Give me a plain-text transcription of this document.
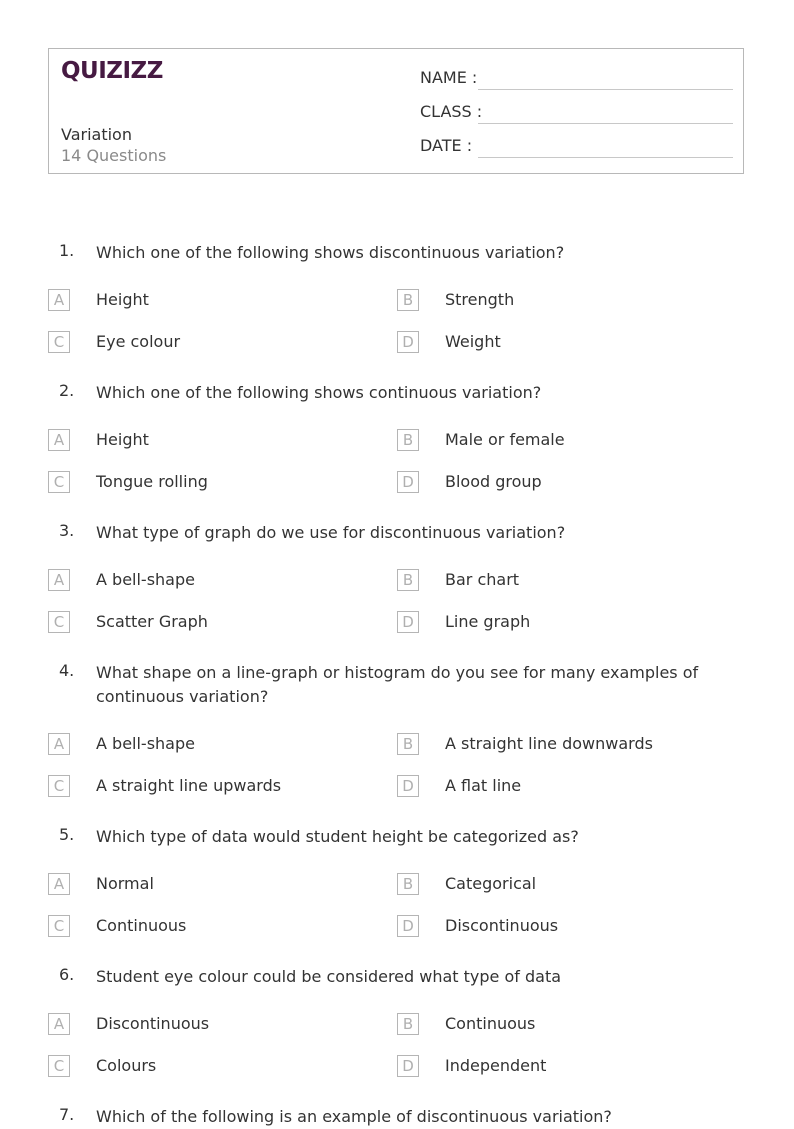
QUIZIZZ
Variation
14 Questions
NAME :
CLASS :
DATE :
1. Which one of the following shows discontinuous variation?
A	Height	B	Strength
C	Eye colour	D	Weight
2. Which one of the following shows continuous variation?
A	Height	B	Male or female
C	Tongue rolling	D	Blood group
3. What type of graph do we use for discontinuous variation?
A	A bell-shape	B	Bar chart
C	Scatter Graph	D	Line graph
4. What shape on a line-graph or histogram do you see for many examples of continuous variation?
A	A bell-shape	B	A straight line downwards
C	A straight line upwards	D	A flat line
5. Which type of data would student height be categorized as?
A	Normal	B	Categorical
C	Continuous	D	Discontinuous
6. Student eye colour could be considered what type of data
A	Discontinuous	B	Continuous
C	Colours	D	Independent
7. Which of the following is an example of discontinuous variation?
